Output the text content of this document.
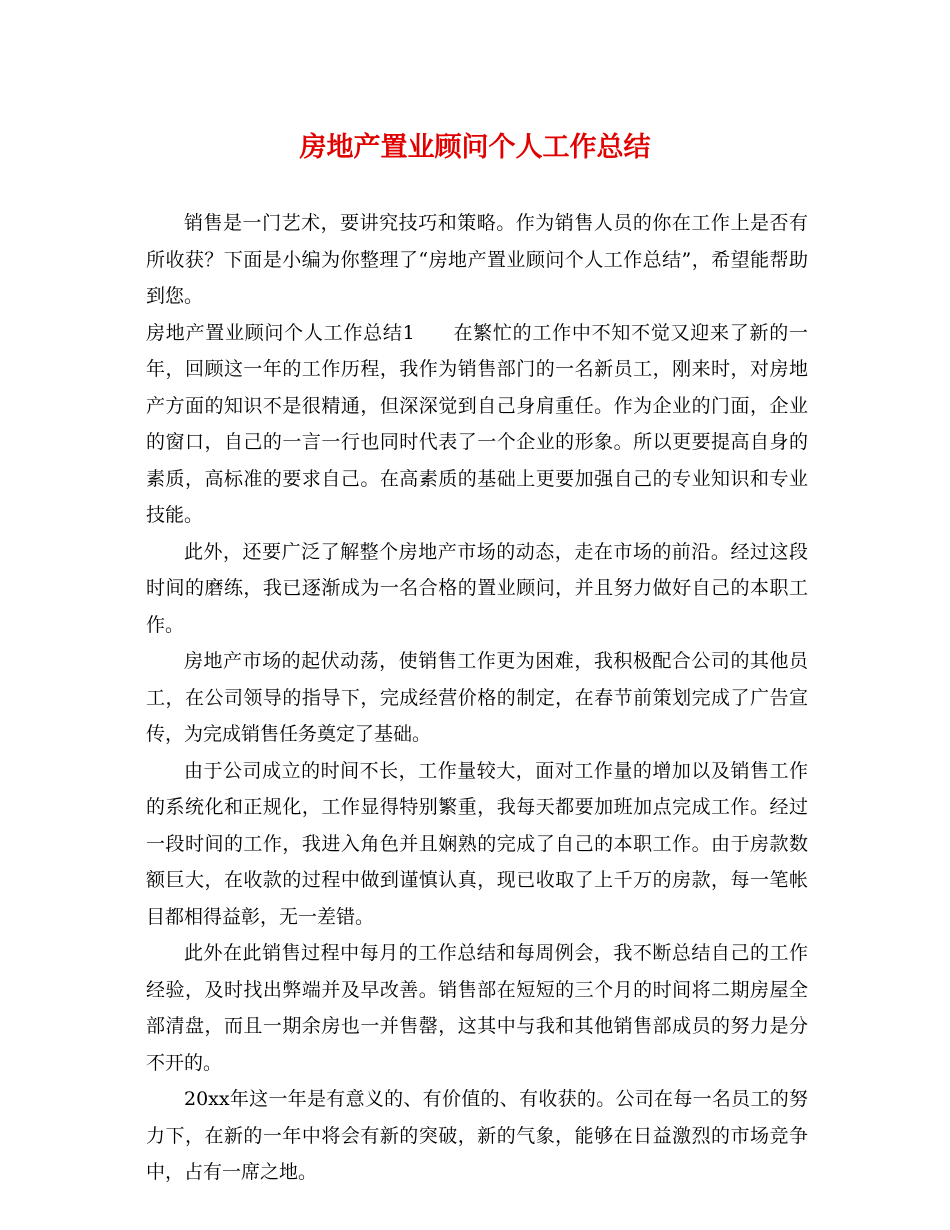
房地产置业顾问个人工作总结

销售是一门艺术，要讲究技巧和策略。作为销售人员的你在工作上是否有所收获？下面是小编为你整理了“房地产置业顾问个人工作总结”，希望能帮助到您。

房地产置业顾问个人工作总结1 在繁忙的工作中不知不觉又迎来了新的一年，回顾这一年的工作历程，我作为销售部门的一名新员工，刚来时，对房地产方面的知识不是很精通，但深深觉到自己身肩重任。作为企业的门面，企业的窗口，自己的一言一行也同时代表了一个企业的形象。所以更要提高自身的素质，高标准的要求自己。在高素质的基础上更要加强自己的专业知识和专业技能。

此外，还要广泛了解整个房地产市场的动态，走在市场的前沿。经过这段时间的磨练，我已逐渐成为一名合格的置业顾问，并且努力做好自己的本职工作。

房地产市场的起伏动荡，使销售工作更为困难，我积极配合公司的其他员工，在公司领导的指导下，完成经营价格的制定，在春节前策划完成了广告宣传，为完成销售任务奠定了基础。

由于公司成立的时间不长，工作量较大，面对工作量的增加以及销售工作的系统化和正规化，工作显得特别繁重，我每天都要加班加点完成工作。经过一段时间的工作，我进入角色并且娴熟的完成了自己的本职工作。由于房款数额巨大，在收款的过程中做到谨慎认真，现已收取了上千万的房款，每一笔帐目都相得益彰，无一差错。

此外在此销售过程中每月的工作总结和每周例会，我不断总结自己的工作经验，及时找出弊端并及早改善。销售部在短短的三个月的时间将二期房屋全部清盘，而且一期余房也一并售罄，这其中与我和其他销售部成员的努力是分不开的。

20xx年这一年是有意义的、有价值的、有收获的。公司在每一名员工的努力下，在新的一年中将会有新的突破，新的气象，能够在日益激烈的市场竞争中，占有一席之地。
